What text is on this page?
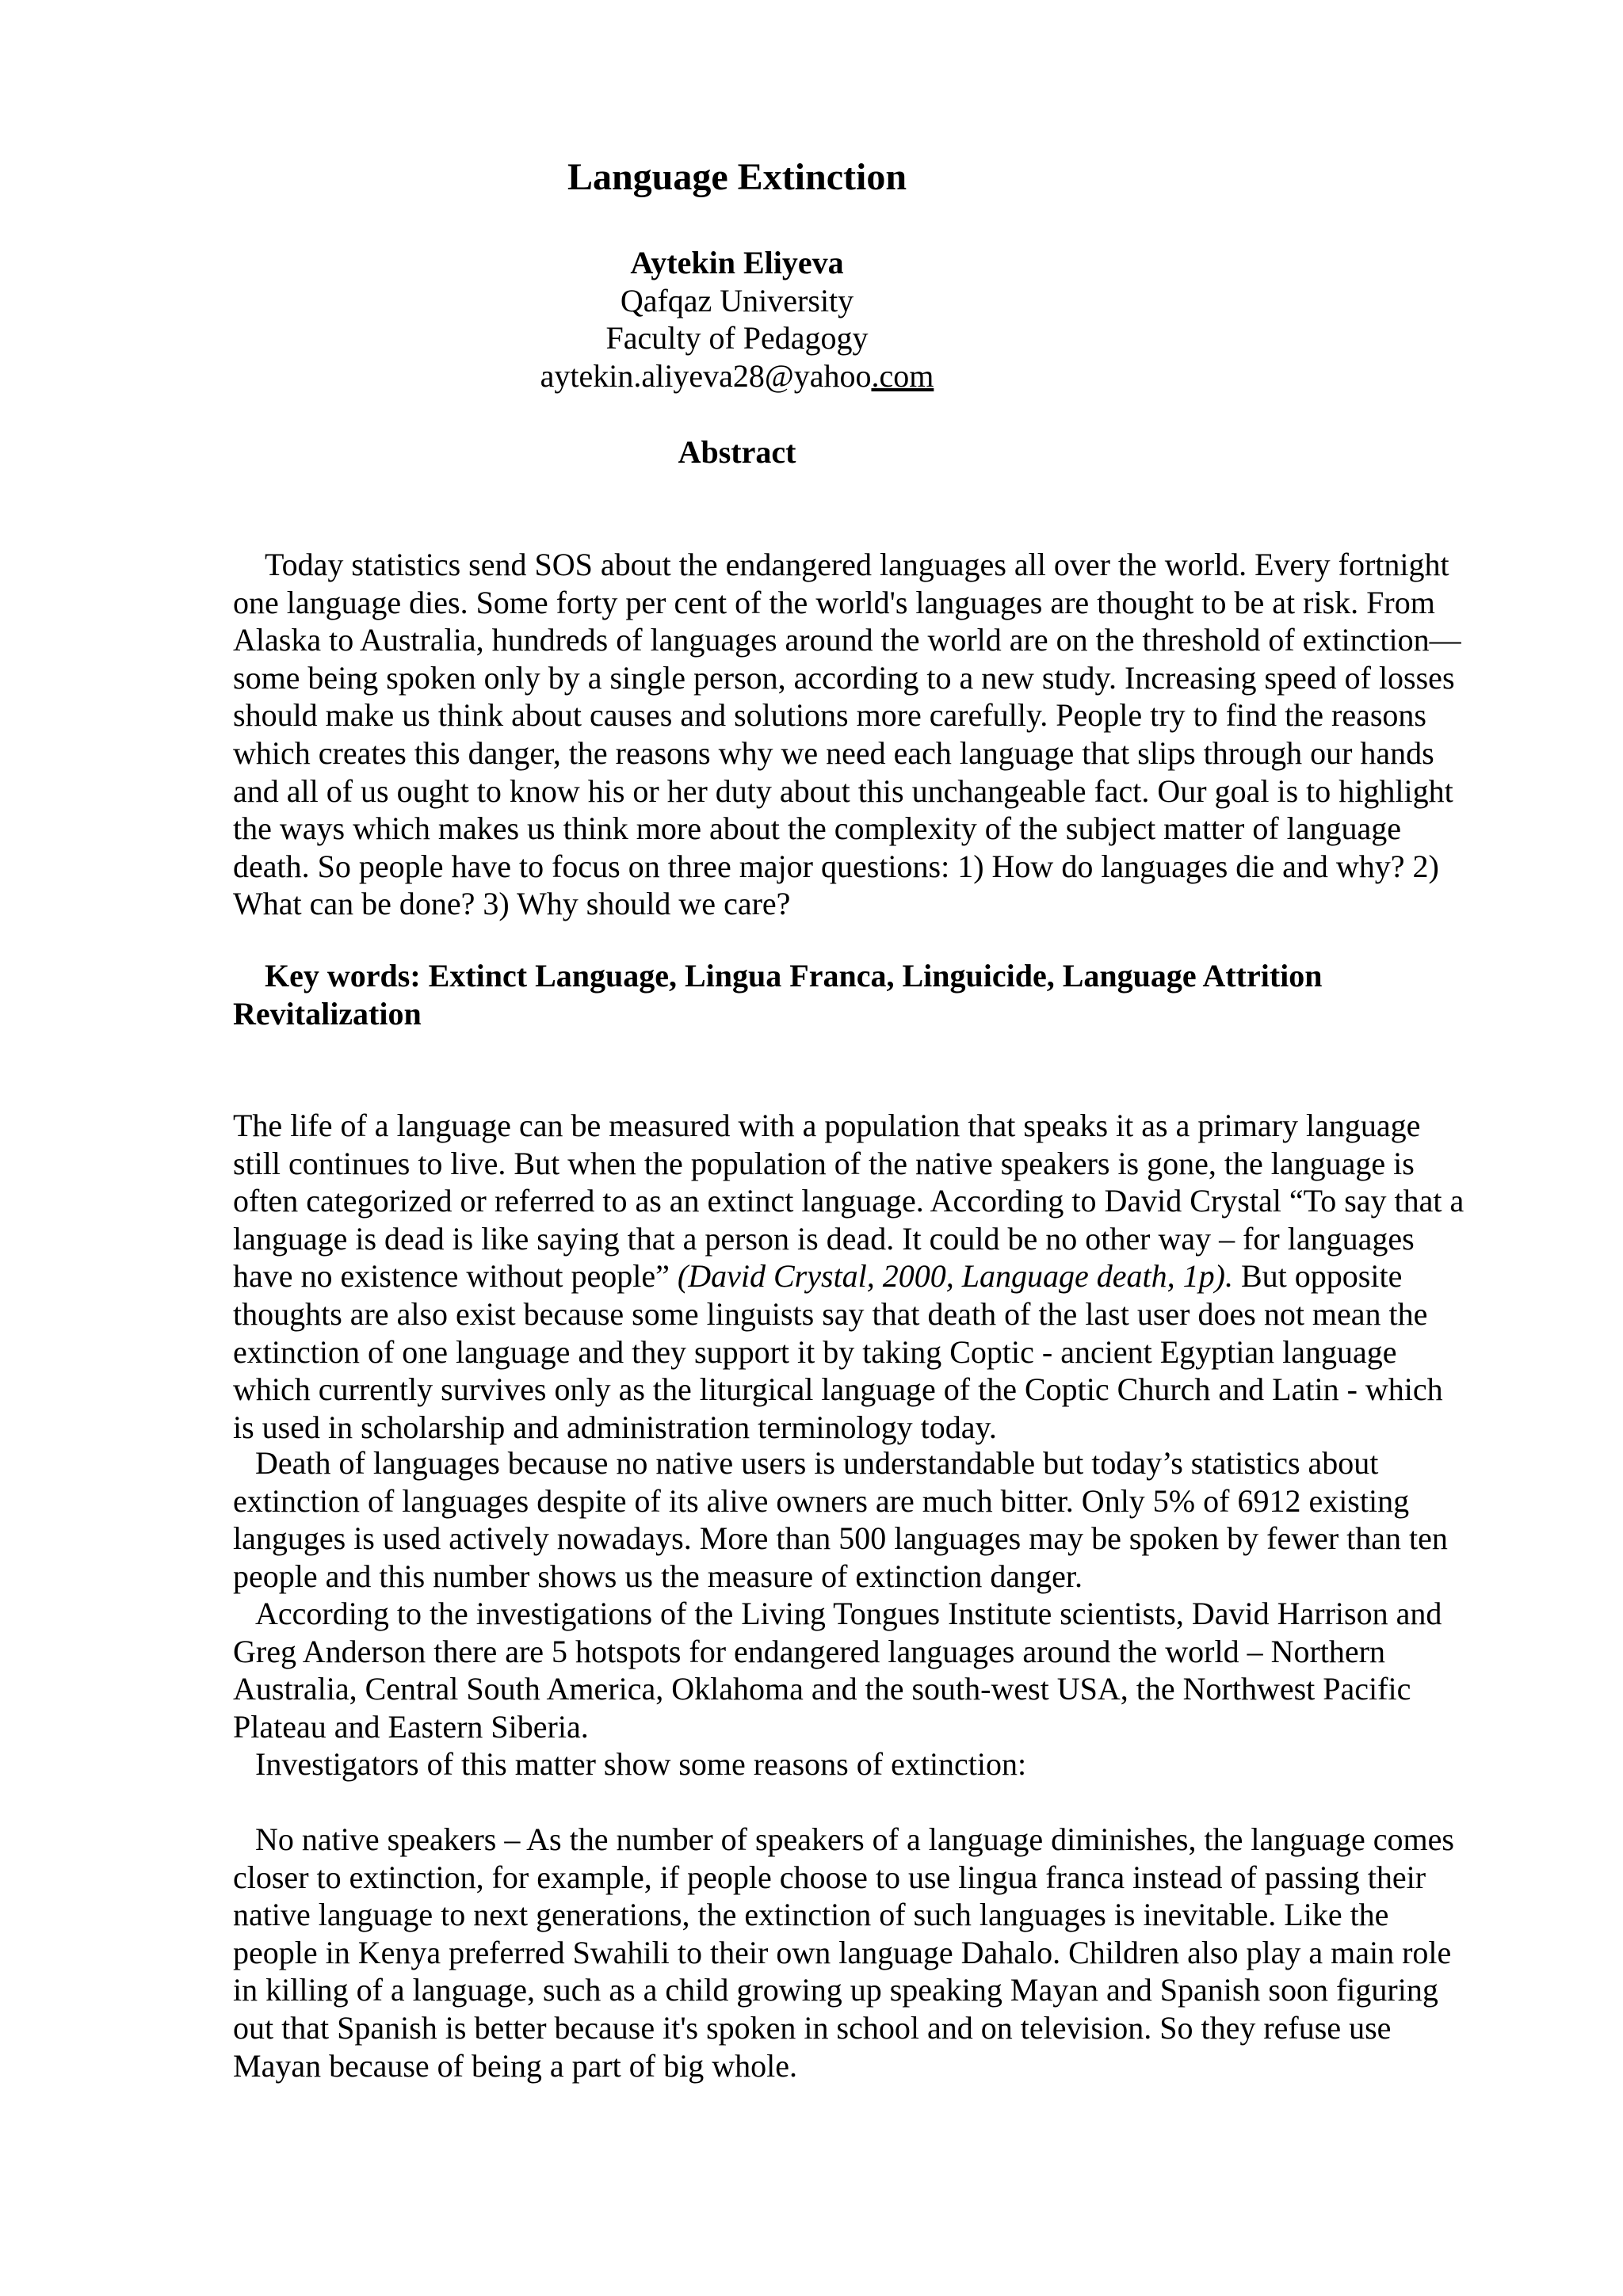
Language Extinction
Aytekin Eliyeva
Qafqaz University
Faculty of Pedagogy
aytekin.aliyeva28@yahoo.com
Abstract
Today statistics send SOS about the endangered languages all over the world. Every fortnight
one language dies. Some forty per cent of the world's languages are thought to be at risk. From
Alaska to Australia, hundreds of languages around the world are on the threshold of extinction—
some being spoken only by a single person, according to a new study. Increasing speed of losses
should make us think about causes and solutions more carefully. People try to find the reasons
which creates this danger, the reasons why we need each language that slips through our hands
and all of us ought to know his or her duty about this unchangeable fact. Our goal is to highlight
the ways which makes us think more about the complexity of the subject matter of language
death. So people have to focus on three major questions: 1) How do languages die and why? 2)
What can be done? 3) Why should we care?
Key words: Extinct Language, Lingua Franca, Linguicide, Language Attrition
Revitalization
The life of a language can be measured with a population that speaks it as a primary language
still continues to live. But when the population of the native speakers is gone, the language is
often categorized or referred to as an extinct language. According to David Crystal “To say that a
language is dead is like saying that a person is dead. It could be no other way – for languages
have no existence without people” (David Crystal, 2000, Language death, 1p). But opposite
thoughts are also exist because some linguists say that death of the last user does not mean the
extinction of one language and they support it by taking Coptic - ancient Egyptian language
which currently survives only as the liturgical language of the Coptic Church and Latin - which
is used in scholarship and administration terminology today.
Death of languages because no native users is understandable but today’s statistics about
extinction of languages despite of its alive owners are much bitter. Only 5% of 6912 existing
languges is used actively nowadays. More than 500 languages may be spoken by fewer than ten
people and this number shows us the measure of extinction danger.
According to the investigations of the Living Tongues Institute scientists, David Harrison and
Greg Anderson there are 5 hotspots for endangered languages around the world – Northern
Australia, Central South America, Oklahoma and the south-west USA, the Northwest Pacific
Plateau and Eastern Siberia.
Investigators of this matter show some reasons of extinction:
No native speakers – As the number of speakers of a language diminishes, the language comes
closer to extinction, for example, if people choose to use lingua franca instead of passing their
native language to next generations, the extinction of such languages is inevitable. Like the
people in Kenya preferred Swahili to their own language Dahalo. Children also play a main role
in killing of a language, such as a child growing up speaking Mayan and Spanish soon figuring
out that Spanish is better because it's spoken in school and on television. So they refuse use
Mayan because of being a part of big whole.
